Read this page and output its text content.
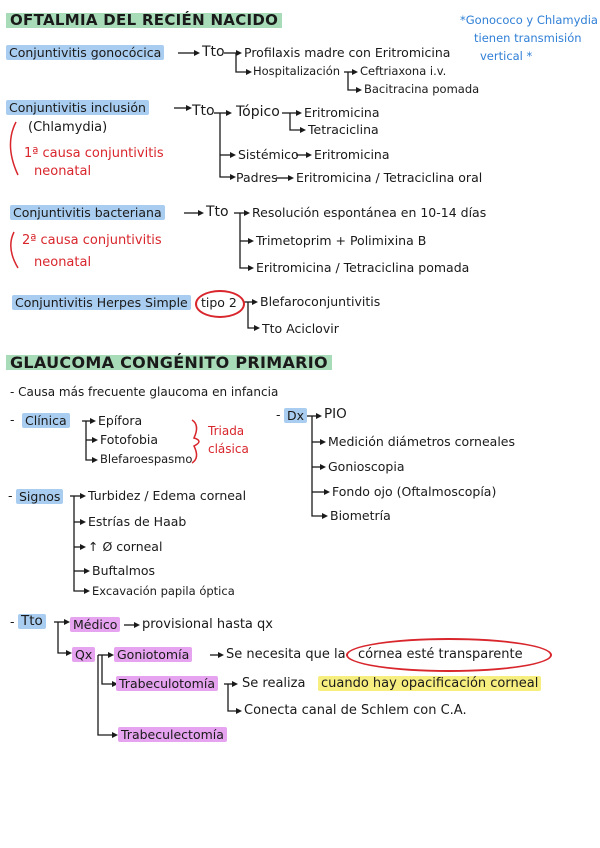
OFTALMIA DEL RECIÉN NACIDO	*Gonococo y Chlamydia
tienen transmisión
vertical *
Conjuntivitis gonocócica	Tto Profilaxis madre con Eritromicina
Hospitalización Ceftriaxona i.v.
Bacitracina pomada
Conjuntivitis inclusión
(Chlamydia)
1ª causa conjuntivitis
neonatal
Tto Tópico Eritromicina
Tetraciclina
Sistémico Eritromicina
Padres Eritromicina / Tetraciclina oral
Conjuntivitis bacteriana
2ª causa conjuntivitis
neonatal
Tto Resolución espontánea en 10-14 días
Trimetoprim + Polimixina B
Eritromicina / Tetraciclina pomada
Conjuntivitis Herpes Simple tipo 2 Blefaroconjuntivitis
Tto Aciclovir
GLAUCOMA CONGÉNITO PRIMARIO
- Causa más frecuente glaucoma en infancia
- Clínica	Epífora
Fotofobia
Blefaroespasmo
Triada
clásica
- Dx PIO
Medición diámetros corneales
Gonioscopia
Fondo ojo (Oftalmoscopía)
Biometría
- Signos Turbidez / Edema corneal
Estrías de Haab
↑ Ø corneal
Buftalmos
Excavación papila óptica
- Tto Médico provisional hasta qx
Qx Goniotomía	Se necesita que la córnea esté transparente
Trabeculotomía Se realiza cuando hay opacificación corneal
Conecta canal de Schlem con C.A.
Trabeculectomía
